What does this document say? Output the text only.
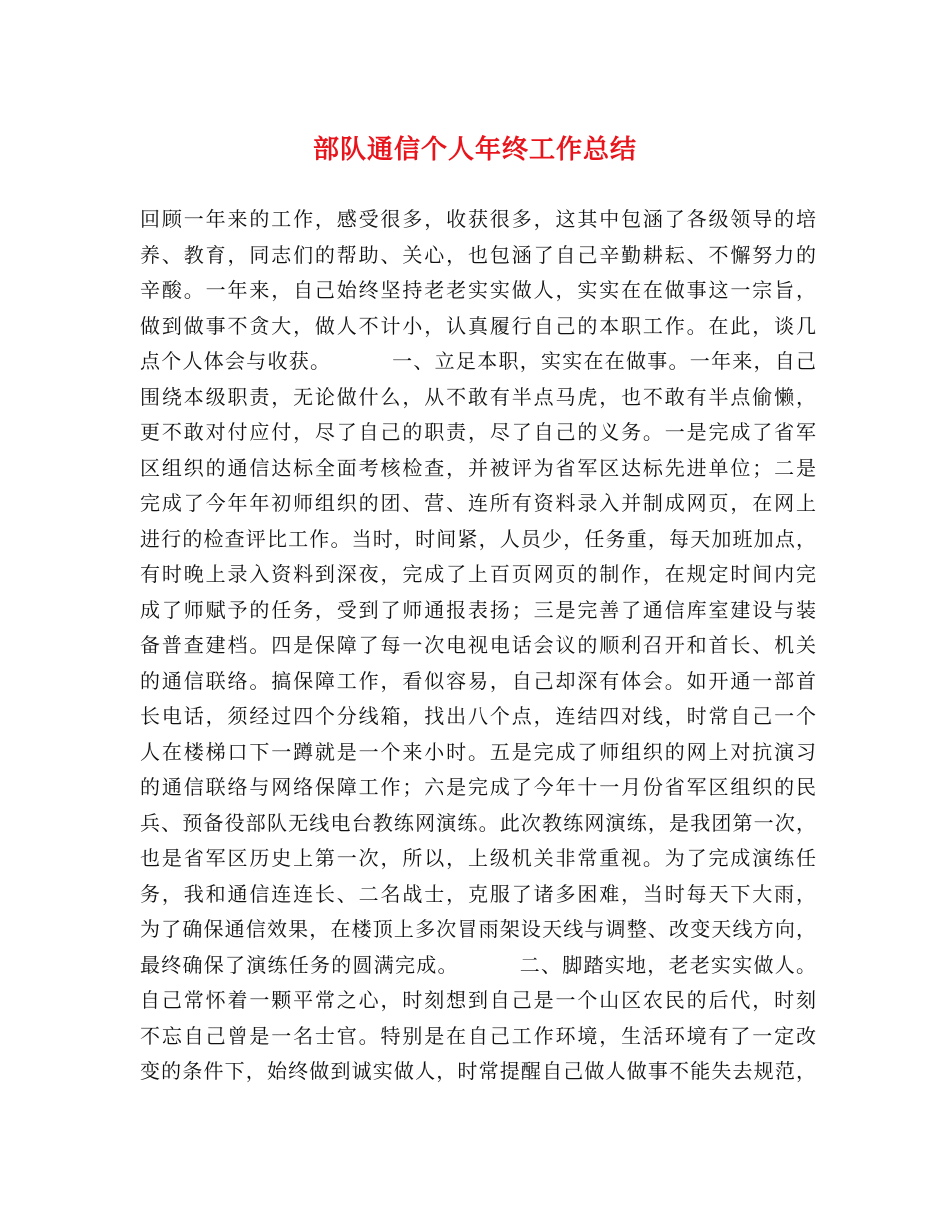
部队通信个人年终工作总结
回顾一年来的工作，感受很多，收获很多，这其中包涵了各级领导的培
养、教育，同志们的帮助、关心，也包涵了自己辛勤耕耘、不懈努力的
辛酸。一年来，自己始终坚持老老实实做人，实实在在做事这一宗旨，
做到做事不贪大，做人不计小，认真履行自己的本职工作。在此，谈几
点个人体会与收获。        一、立足本职，实实在在做事。一年来，自己
围绕本级职责，无论做什么，从不敢有半点马虎，也不敢有半点偷懒，
更不敢对付应付，尽了自己的职责，尽了自己的义务。一是完成了省军
区组织的通信达标全面考核检查，并被评为省军区达标先进单位；二是
完成了今年年初师组织的团、营、连所有资料录入并制成网页，在网上
进行的检查评比工作。当时，时间紧，人员少，任务重，每天加班加点，
有时晚上录入资料到深夜，完成了上百页网页的制作，在规定时间内完
成了师赋予的任务，受到了师通报表扬；三是完善了通信库室建设与装
备普查建档。四是保障了每一次电视电话会议的顺利召开和首长、机关
的通信联络。搞保障工作，看似容易，自己却深有体会。如开通一部首
长电话，须经过四个分线箱，找出八个点，连结四对线，时常自己一个
人在楼梯口下一蹲就是一个来小时。五是完成了师组织的网上对抗演习
的通信联络与网络保障工作；六是完成了今年十一月份省军区组织的民
兵、预备役部队无线电台教练网演练。此次教练网演练，是我团第一次，
也是省军区历史上第一次，所以，上级机关非常重视。为了完成演练任
务，我和通信连连长、二名战士，克服了诸多困难，当时每天下大雨，
为了确保通信效果，在楼顶上多次冒雨架设天线与调整、改变天线方向，
最终确保了演练任务的圆满完成。        二、脚踏实地，老老实实做人。
自己常怀着一颗平常之心，时刻想到自己是一个山区农民的后代，时刻
不忘自己曾是一名士官。特别是在自己工作环境，生活环境有了一定改
变的条件下，始终做到诚实做人，时常提醒自己做人做事不能失去规范，
